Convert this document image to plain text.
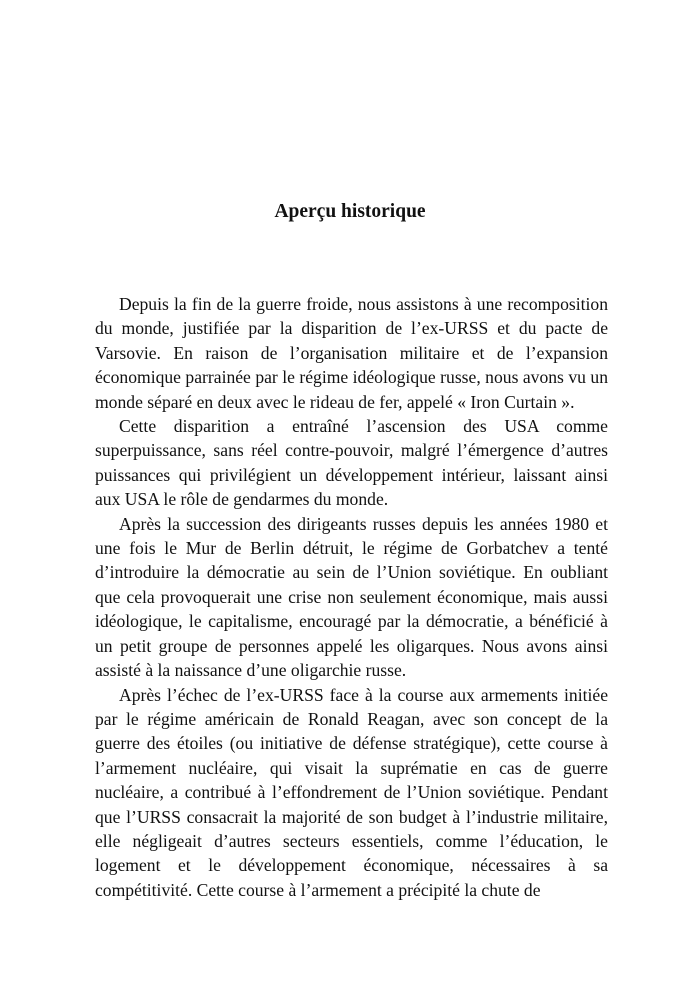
Aperçu historique

Depuis la fin de la guerre froide, nous assistons à une recomposition du monde, justifiée par la disparition de l’ex-URSS et du pacte de Varsovie. En raison de l’organisation militaire et de l’expansion économique parrainée par le régime idéologique russe, nous avons vu un monde séparé en deux avec le rideau de fer, appelé « Iron Curtain ».

Cette disparition a entraîné l’ascension des USA comme superpuissance, sans réel contre-pouvoir, malgré l’émergence d’autres puissances qui privilégient un développement intérieur, laissant ainsi aux USA le rôle de gendarmes du monde.

Après la succession des dirigeants russes depuis les années 1980 et une fois le Mur de Berlin détruit, le régime de Gorbatchev a tenté d’introduire la démocratie au sein de l’Union soviétique. En oubliant que cela provoquerait une crise non seulement économique, mais aussi idéologique, le capitalisme, encouragé par la démocratie, a bénéficié à un petit groupe de personnes appelé les oligarques. Nous avons ainsi assisté à la naissance d’une oligarchie russe.

Après l’échec de l’ex-URSS face à la course aux armements initiée par le régime américain de Ronald Reagan, avec son concept de la guerre des étoiles (ou initiative de défense stratégique), cette course à l’armement nucléaire, qui visait la suprématie en cas de guerre nucléaire, a contribué à l’effondrement de l’Union soviétique. Pendant que l’URSS consacrait la majorité de son budget à l’industrie militaire, elle négligeait d’autres secteurs essentiels, comme l’éducation, le logement et le développement économique, nécessaires à sa compétitivité. Cette course à l’armement a précipité la chute de
